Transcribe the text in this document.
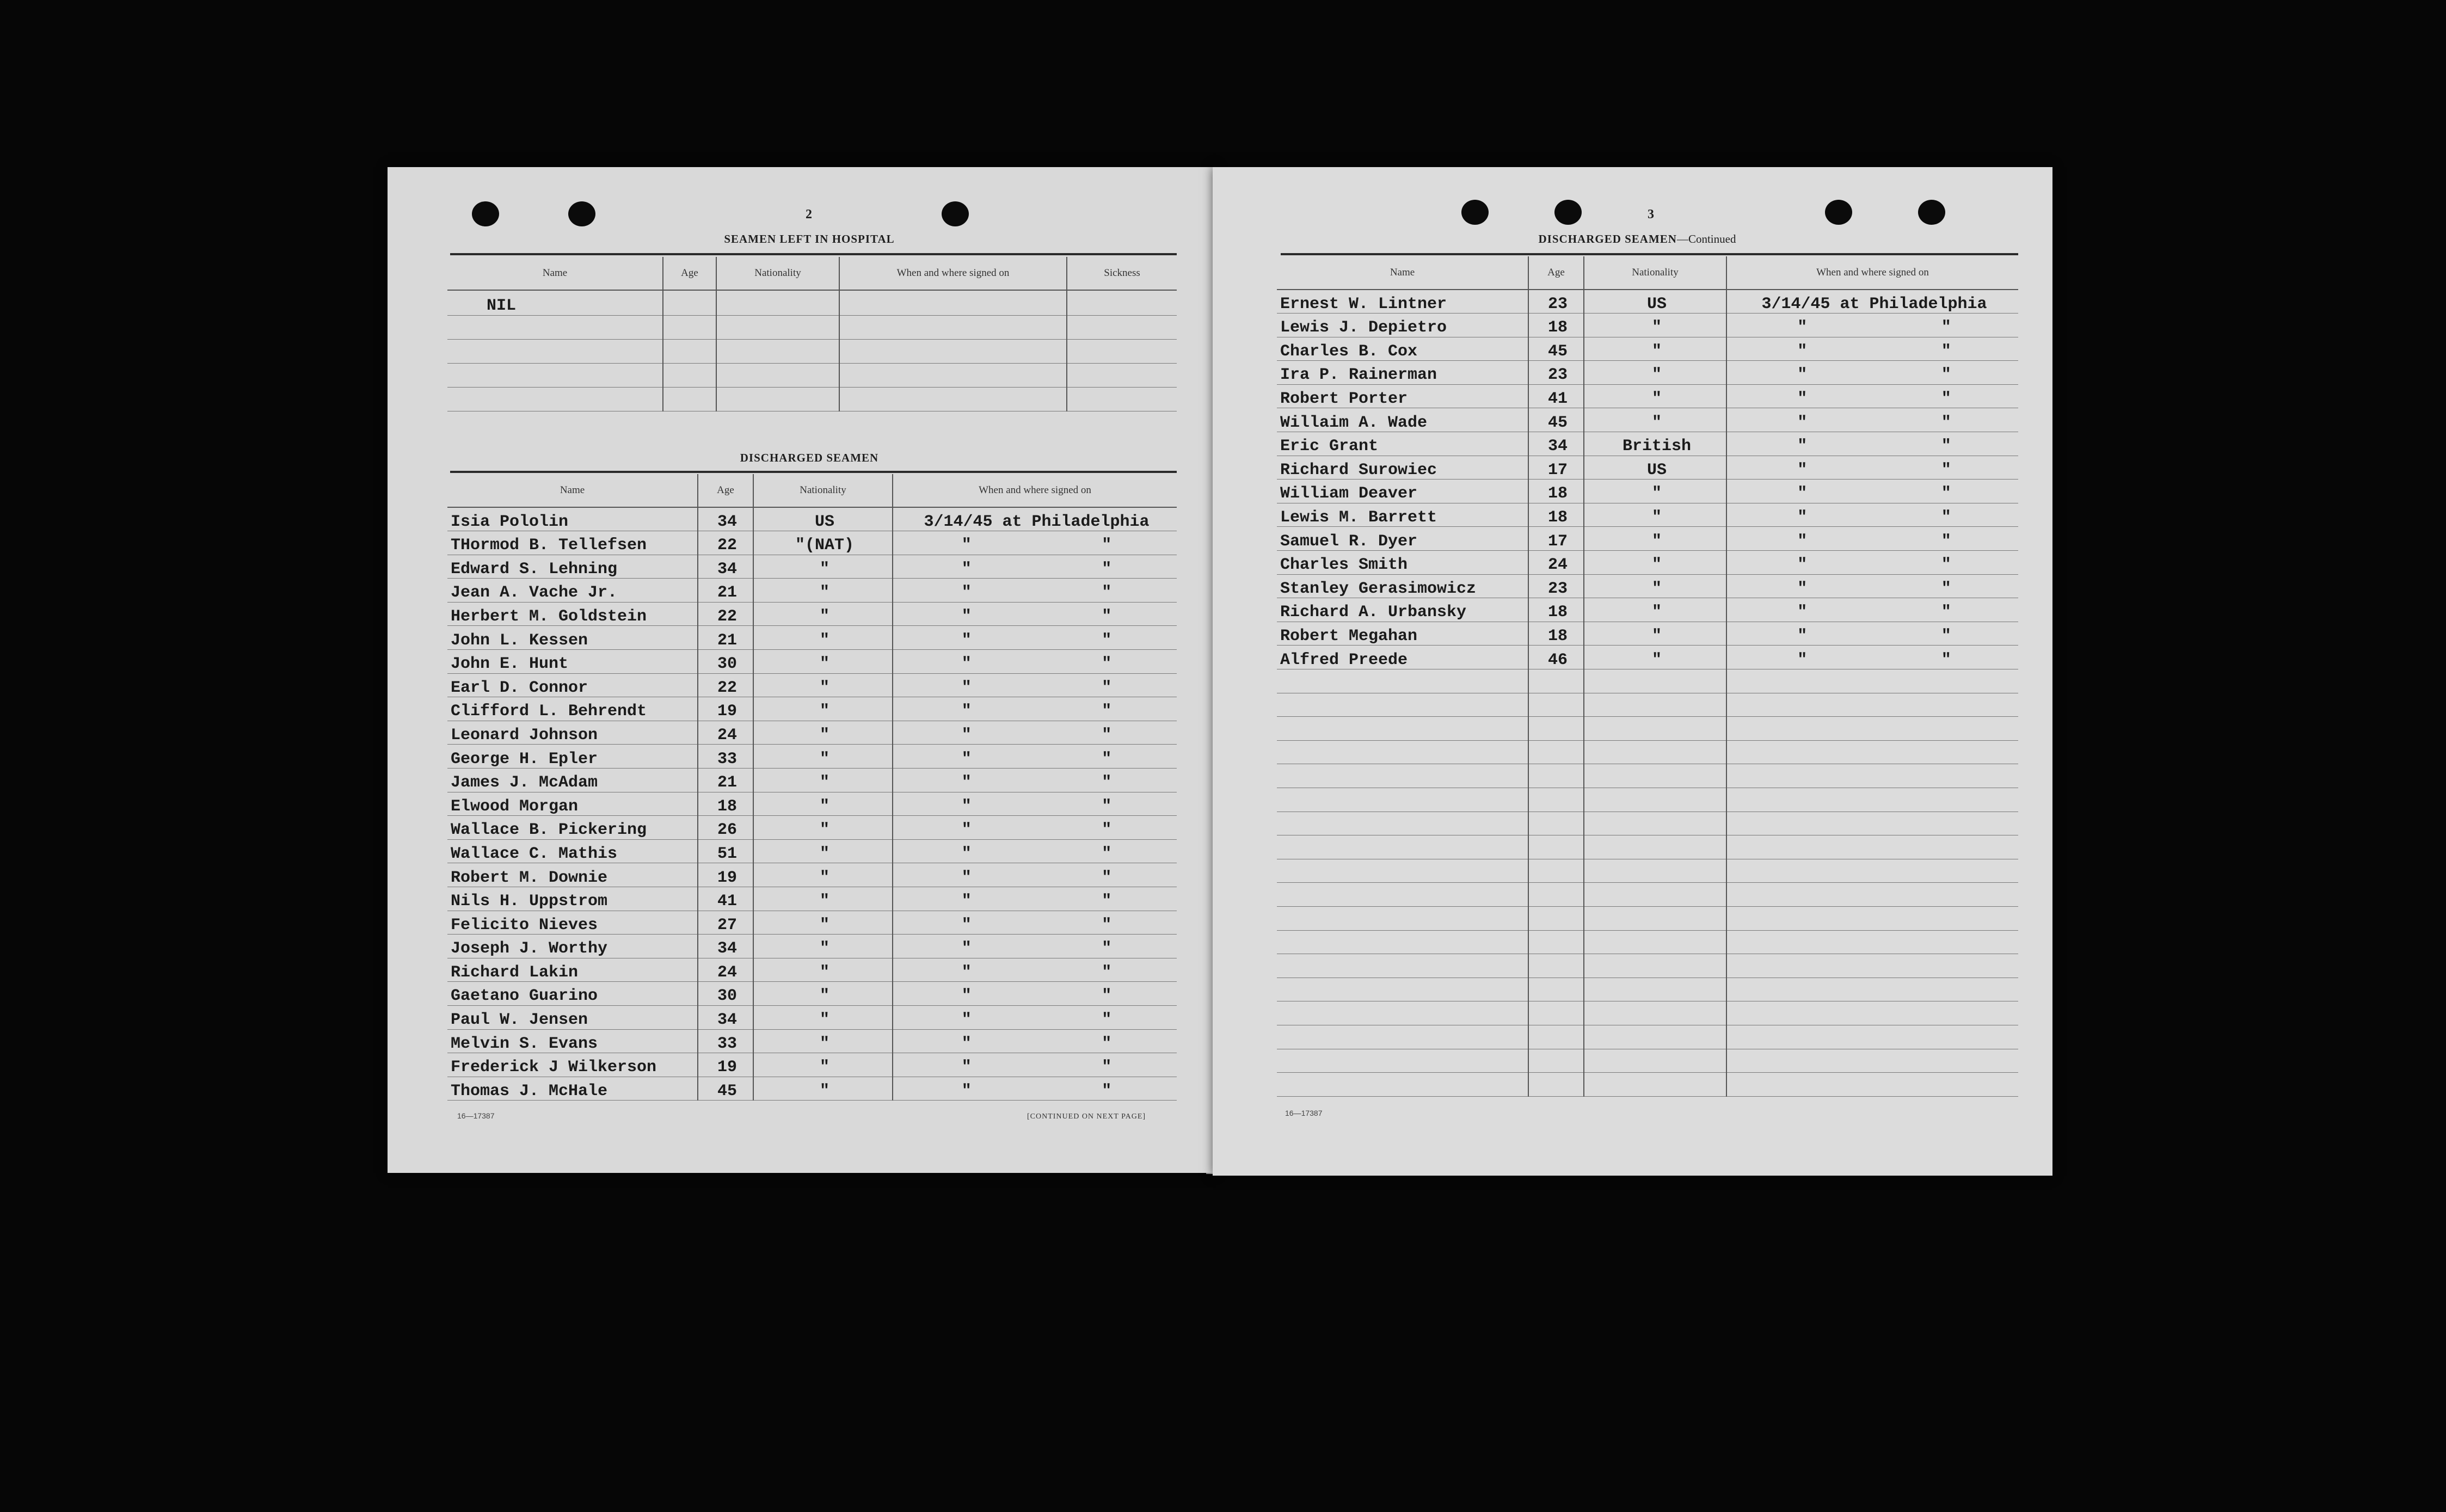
2
SEAMEN LEFT IN HOSPITAL
Name	Age	Nationality	When and where signed on	Sickness
NIL				

DISCHARGED SEAMEN
Name	Age	Nationality	When and where signed on
Isia Pololin	34	US	3/14/45 at Philadelphia
THormod B. Tellefsen	22	"(NAT)	" "

Edward S. Lehning	34	"	" "

Jean A. Vache Jr.	21	"	" "

Herbert M. Goldstein	22	"	" "

John L. Kessen	21	"	" "

John E. Hunt	30	"	" "

Earl D. Connor	22	"	" "

Clifford L. Behrendt	19	"	" "

Leonard Johnson	24	"	" "

George H. Epler	33	"	" "

James J. McAdam	21	"	" "

Elwood Morgan	18	"	" "

Wallace B. Pickering	26	"	" "

Wallace C. Mathis	51	"	" "

Robert M. Downie	19	"	" "

Nils H. Uppstrom	41	"	" "

Felicito Nieves	27	"	" "

Joseph J. Worthy	34	"	" "

Richard Lakin	24	"	" "

Gaetano Guarino	30	"	" "

Paul W. Jensen	34	"	" "

Melvin S. Evans	33	"	" "

Frederick J Wilkerson	19	"	" "

Thomas J. McHale	45	"	" "
16—17387	[CONTINUED ON NEXT PAGE]
3
DISCHARGED SEAMEN—Continued
Name	Age	Nationality	When and where signed on
Ernest W. Lintner	23	US	3/14/45 at Philadelphia
Lewis J. Depietro	18	"	" "

Charles B. Cox	45	"	" "

Ira P. Rainerman	23	"	" "

Robert Porter	41	"	" "

Willaim A. Wade	45	"	" "

Eric Grant	34	British	" "

Richard Surowiec	17	US	" "

William Deaver	18	"	" "

Lewis M. Barrett	18	"	" "

Samuel R. Dyer	17	"	" "

Charles Smith	24	"	" "

Stanley Gerasimowicz	23	"	" "

Richard A. Urbansky	18	"	" "

Robert Megahan	18	"	" "

Alfred Preede	46	"	" "

16—17387
